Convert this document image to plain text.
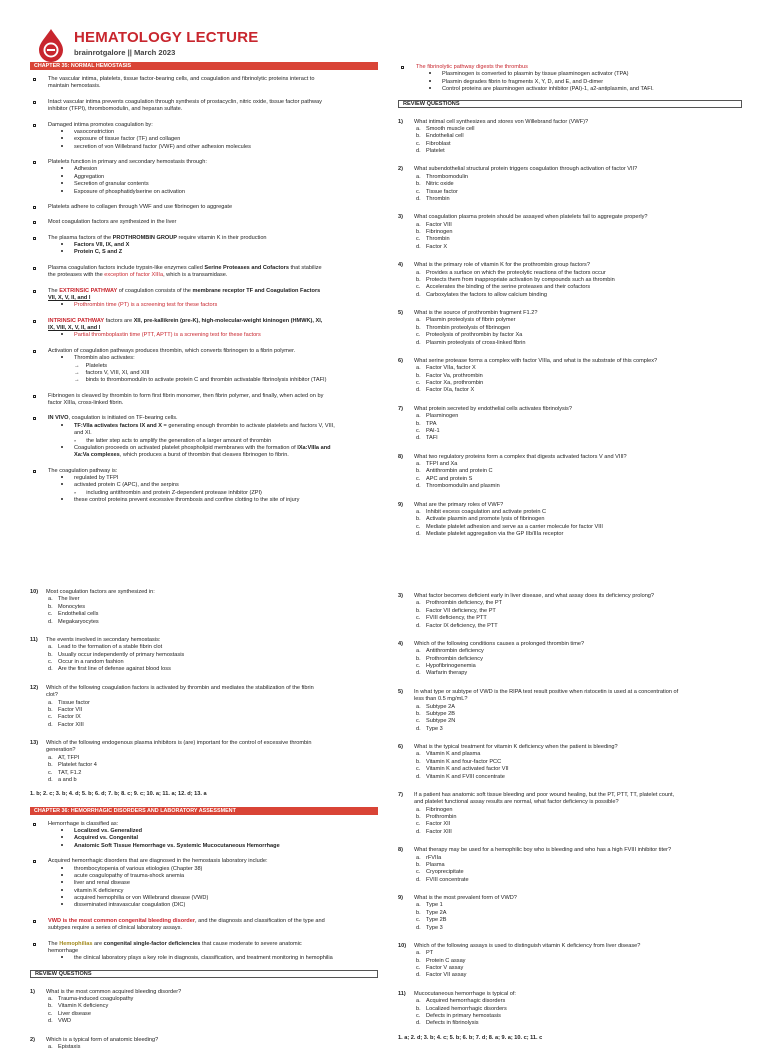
HEMATOLOGY LECTURE
brainrotgalore || March 2023
CHAPTER 35: NORMAL HEMOSTASIS
The vascular intima, platelets, tissue factor-bearing cells, and coagulation and fibrinolytic proteins interact to
maintain hemostasis.
Intact vascular intima prevents coagulation through synthesis of prostacyclin, nitric oxide, tissue factor pathway
inhibitor (TFPI), thrombomodulin, and heparan sulfate.
Damaged intima promotes coagulation by:
vasoconstriction
exposure of tissue factor (TF) and collagen
secretion of von Willebrand factor (VWF) and other adhesion molecules
Platelets function in primary and secondary hemostasis through:
Adhesion
Aggregation
Secretion of granular contents
Exposure of phosphatidylserine on activation
Platelets adhere to collagen through VWF and use fibrinogen to aggregate
Most coagulation factors are synthesized in the liver
The plasma factors of the PROTHROMBIN GROUP require vitamin K in their production
Factors VII, IX, and X
Protein C, S and Z
Plasma coagulation factors include trypsin-like enzymes called Serine Proteases and Cofactors that stabilize
the proteases with the exception of factor XIIIa, which is a transamidase.
The EXTRINSIC PATHWAY of coagulation consists of the membrane receptor TF and Coagulation Factors
VII, X, V, II, and I
Prothrombin time (PT) is a screening test for these factors
INTRINSIC PATHWAY factors are XII, pre-kallikrein (pre-K), high-molecular-weight kininogen (HMWK), XI,
IX, VIII, X, V, II, and I
Partial thromboplastin time (PTT, APTT) is a screening test for these factors
Activation of coagulation pathways produces thrombin, which converts fibrinogen to a fibrin polymer.
Thrombin also activates:
→ Platelets
→ factors V, VIII, XI, and XIII
→ binds to thrombomodulin to activate protein C and thrombin activatable fibrinolysis inhibitor (TAFI)
Fibrinogen is cleaved by thrombin to form first fibrin monomer, then fibrin polymer, and finally, when acted on by
factor XIIIa, cross-linked fibrin.
IN VIVO, coagulation is initiated on TF-bearing cells.
TF:VIIa activates factors IX and X = generating enough thrombin to activate platelets and factors V, VIII,
and XI.
» the latter step acts to amplify the generation of a larger amount of thrombin
Coagulation proceeds on activated platelet phospholipid membranes with the formation of IXa:VIIIa and
Xa:Va complexes, which produces a burst of thrombin that cleaves fibrinogen to fibrin.
The coagulation pathway is:
regulated by TFPI
activated protein C (APC), and the serpins
» including antithrombin and protein Z-dependent protease inhibitor (ZPI)
these control proteins prevent excessive thrombosis and confine clotting to the site of injury
The fibrinolytic pathway digests the thrombus
Plasminogen is converted to plasmin by tissue plasminogen activator (TPA)
Plasmin degrades fibrin to fragments X, Y, D, and E, and D-dimer
Control proteins are plasminogen activator inhibitor (PAI)-1, a2-antiplasmin, and TAFI.
REVIEW QUESTIONS
1)	What intimal cell synthesizes and stores von Willebrand factor (VWF)?
a. Smooth muscle cell
b. Endothelial cell
c.	Fibroblast
d. Platelet
2)	What subendothelial structural protein triggers coagulation through activation of factor VII?
a. Thrombomodulin
b. Nitric oxide
c.	Tissue factor
d. Thrombin
3)	What coagulation plasma protein should be assayed when platelets fail to aggregate properly?
a. Factor VIII
b. Fibrinogen
c.	Thrombin
d. Factor X
4)	What is the primary role of vitamin K for the prothrombin group factors?
a. Provides a surface on which the proteolytic reactions of the factors occur
b. Protects them from inappropriate activation by compounds such as thrombin
c.	Accelerates the binding of the serine proteases and their cofactors
d. Carboxylates the factors to allow calcium binding
5)	What is the source of prothrombin fragment F1.2?
a. Plasmin proteolysis of fibrin polymer
b. Thrombin proteolysis of fibrinogen
c.	Proteolysis of prothrombin by factor Xa
d. Plasmin proteolysis of cross-linked fibrin
6)	What serine protease forms a complex with factor VIIIa, and what is the substrate of this complex?
a. Factor VIIa, factor X
b. Factor Va, prothrombin
c.	Factor Xa, prothrombin
d. Factor IXa, factor X
7)	What protein secreted by endothelial cells activates fibrinolysis?
a. Plasminogen
b. TPA
c.	PAI-1
d. TAFI
8)	What two regulatory proteins form a complex that digests activated factors V and VIII?
a. TFPI and Xa
b. Antithrombin and protein C
c.	APC and protein S
d. Thrombomodulin and plasmin
9)	What are the primary roles of VWF?
a. Inhibit excess coagulation and activate protein C
b. Activate plasmin and promote lysis of fibrinogen
c.	Mediate platelet adhesion and serve as a carrier molecule for factor VIII
d. Mediate platelet aggregation via the GP IIb/IIIa receptor
10)	Most coagulation factors are synthesized in:
a. The liver
b. Monocytes
c.	Endothelial cells
d. Megakaryocytes
11)	The events involved in secondary hemostasis:
a. Lead to the formation of a stable fibrin clot
b. Usually occur independently of primary hemostasis
c.	Occur in a random fashion
d. Are the first line of defense against blood loss
12)	Which of the following coagulation factors is activated by thrombin and mediates the stabilization of the fibrin
clot?
a. Tissue factor
b. Factor VII
c.	Factor IX
d. Factor XIII
13)	Which of the following endogenous plasma inhibitors is (are) important for the control of excessive thrombin
generation?
a. AT, TFPI
b. Platelet factor 4
c.	TAT, F1.2
d. a and b
1. b; 2. c; 3. b; 4. d; 5. b; 6. d; 7. b; 8. c; 9. c; 10. a; 11. a; 12. d; 13. a
CHAPTER 36: HEMORRHAGIC DISORDERS AND LABORATORY ASSESSMENT
Hemorrhage is classified as:
Localized vs. Generalized
Acquired vs. Congenital
Anatomic Soft Tissue Hemorrhage vs. Systemic Mucocutaneous Hemorrhage
Acquired hemorrhagic disorders that are diagnosed in the hemostasis laboratory include:
thrombocytopenia of various etiologies (Chapter 38)
acute coagulopathy of trauma-shock anemia
liver and renal disease
vitamin K deficiency
acquired hemophilia or von Willebrand disease (VWD)
disseminated intravascular coagulation (DIC)
VWD is the most common congenital bleeding disorder, and the diagnosis and classification of the type and
subtypes require a series of clinical laboratory assays.
The Hemophilias are congenital single-factor deficiencies that cause moderate to severe anatomic
hemorrhage
the clinical laboratory plays a key role in diagnosis, classification, and treatment monitoring in hemophilia
REVIEW QUESTIONS
1)	What is the most common acquired bleeding disorder?
a. Trauma-induced coagulopathy
b. Vitamin K deficiency
c.	Liver disease
d. VWD
2)	Which is a typical form of anatomic bleeding?
a. Epistaxis
3)	What factor becomes deficient early in liver disease, and what assay does its deficiency prolong?
a. Prothrombin deficiency, the PT
b. Factor VII deficiency, the PT
c.	FVIII deficiency, the PTT
d. Factor IX deficiency, the PTT
4)	Which of the following conditions causes a prolonged thrombin time?
a. Antithrombin deficiency
b. Prothrombin deficiency
c.	Hypofibrinogenemia
d. Warfarin therapy
5)	In what type or subtype of VWD is the RIPA test result positive when ristocetin is used at a concentration of
less than 0.5 mg/mL?
a. Subtype 2A
b. Subtype 2B
c.	Subtype 2N
d. Type 3
6)	What is the typical treatment for vitamin K deficiency when the patient is bleeding?
a. Vitamin K and plasma
b. Vitamin K and four-factor PCC
c.	Vitamin K and activated factor VII
d. Vitamin K and FVIII concentrate
7)	If a patient has anatomic soft tissue bleeding and poor wound healing, but the PT, PTT, TT, platelet count,
and platelet functional assay results are normal, what factor deficiency is possible?
a. Fibrinogen
b. Prothrombin
c.	Factor XII
d. Factor XIII
8)	What therapy may be used for a hemophilic boy who is bleeding and who has a high FVIII inhibitor titer?
a. rFVIIa
b. Plasma
c.	Cryoprecipitate
d. FVIII concentrate
9)	What is the most prevalent form of VWD?
a. Type 1
b. Type 2A
c.	Type 2B
d. Type 3
10)	Which of the following assays is used to distinguish vitamin K deficiency from liver disease?
a. PT
b. Protein C assay
c.	Factor V assay
d. Factor VII assay
11)	Mucocutaneous hemorrhage is typical of:
a. Acquired hemorrhagic disorders
b. Localized hemorrhagic disorders
c.	Defects in primary hemostasis
d. Defects in fibrinolysis
1. a; 2. d; 3. b; 4. c; 5. b; 6. b; 7. d; 8. a; 9. a; 10. c; 11. c
